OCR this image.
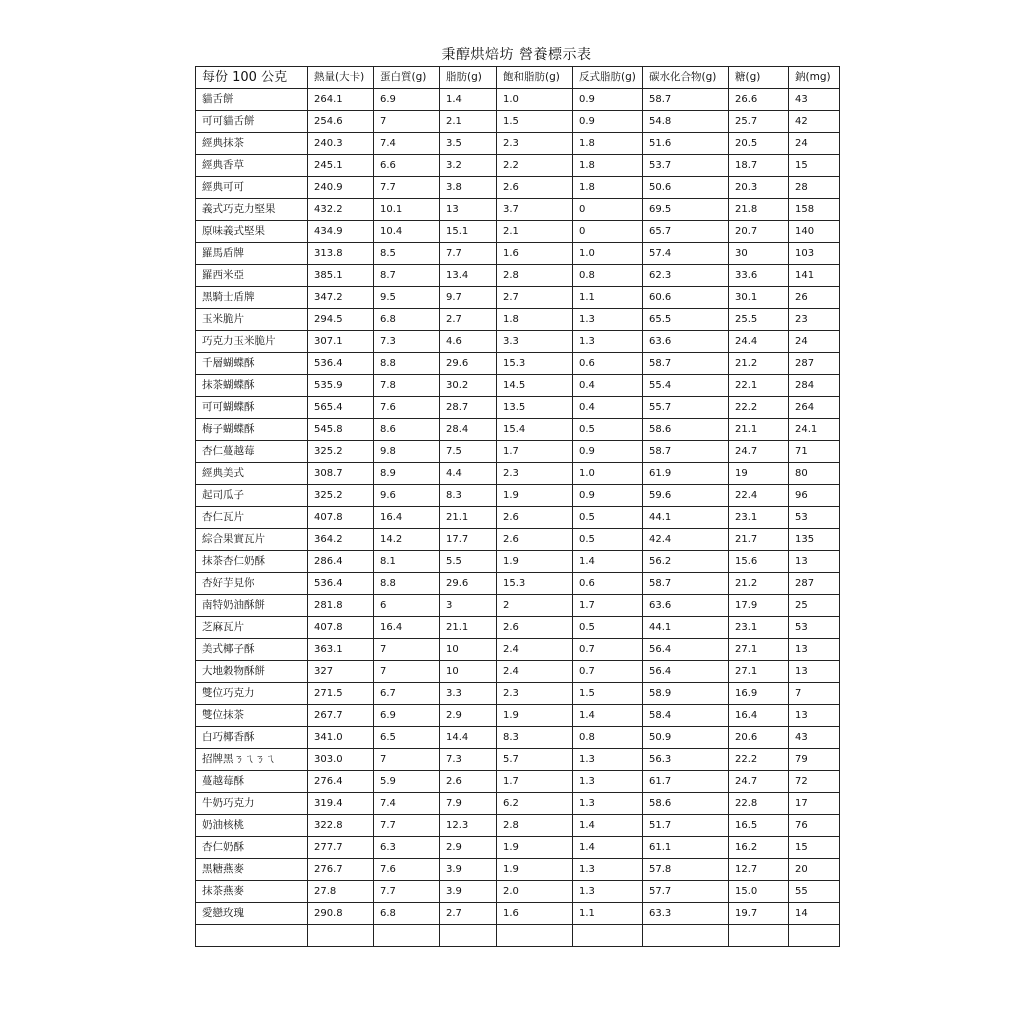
秉醇烘焙坊 營養標示表
每份 100 公克	熱量(大卡)	蛋白質(g)	脂肪(g)	飽和脂肪(g)	反式脂肪(g)	碳水化合物(g)	糖(g)	鈉(mg)
貓舌餅	264.1	6.9	1.4	1.0	0.9	58.7	26.6	43
可可貓舌餅	254.6	7	2.1	1.5	0.9	54.8	25.7	42
經典抹茶	240.3	7.4	3.5	2.3	1.8	51.6	20.5	24
經典香草	245.1	6.6	3.2	2.2	1.8	53.7	18.7	15
經典可可	240.9	7.7	3.8	2.6	1.8	50.6	20.3	28
義式巧克力堅果	432.2	10.1	13	3.7	0	69.5	21.8	158
原味義式堅果	434.9	10.4	15.1	2.1	0	65.7	20.7	140
羅馬盾牌	313.8	8.5	7.7	1.6	1.0	57.4	30	103
羅西米亞	385.1	8.7	13.4	2.8	0.8	62.3	33.6	141
黑騎士盾牌	347.2	9.5	9.7	2.7	1.1	60.6	30.1	26
玉米脆片	294.5	6.8	2.7	1.8	1.3	65.5	25.5	23
巧克力玉米脆片	307.1	7.3	4.6	3.3	1.3	63.6	24.4	24
千層蝴蝶酥	536.4	8.8	29.6	15.3	0.6	58.7	21.2	287
抹茶蝴蝶酥	535.9	7.8	30.2	14.5	0.4	55.4	22.1	284
可可蝴蝶酥	565.4	7.6	28.7	13.5	0.4	55.7	22.2	264
梅子蝴蝶酥	545.8	8.6	28.4	15.4	0.5	58.6	21.1	24.1
杏仁蔓越莓	325.2	9.8	7.5	1.7	0.9	58.7	24.7	71
經典美式	308.7	8.9	4.4	2.3	1.0	61.9	19	80
起司瓜子	325.2	9.6	8.3	1.9	0.9	59.6	22.4	96
杏仁瓦片	407.8	16.4	21.1	2.6	0.5	44.1	23.1	53
綜合果實瓦片	364.2	14.2	17.7	2.6	0.5	42.4	21.7	135
抹茶杏仁奶酥	286.4	8.1	5.5	1.9	1.4	56.2	15.6	13
杏好芋見你	536.4	8.8	29.6	15.3	0.6	58.7	21.2	287
南特奶油酥餅	281.8	6	3	2	1.7	63.6	17.9	25
芝麻瓦片	407.8	16.4	21.1	2.6	0.5	44.1	23.1	53
美式椰子酥	363.1	7	10	2.4	0.7	56.4	27.1	13
大地穀物酥餅	327	7	10	2.4	0.7	56.4	27.1	13
雙位巧克力	271.5	6.7	3.3	2.3	1.5	58.9	16.9	7
雙位抹茶	267.7	6.9	2.9	1.9	1.4	58.4	16.4	13
白巧椰香酥	341.0	6.5	14.4	8.3	0.8	50.9	20.6	43
招牌黑ㄋㄟㄋㄟ	303.0	7	7.3	5.7	1.3	56.3	22.2	79
蔓越莓酥	276.4	5.9	2.6	1.7	1.3	61.7	24.7	72
牛奶巧克力	319.4	7.4	7.9	6.2	1.3	58.6	22.8	17
奶油核桃	322.8	7.7	12.3	2.8	1.4	51.7	16.5	76
杏仁奶酥	277.7	6.3	2.9	1.9	1.4	61.1	16.2	15
黑糖燕麥	276.7	7.6	3.9	1.9	1.3	57.8	12.7	20
抹茶燕麥	27.8	7.7	3.9	2.0	1.3	57.7	15.0	55
愛戀玫瑰	290.8	6.8	2.7	1.6	1.1	63.3	19.7	14
